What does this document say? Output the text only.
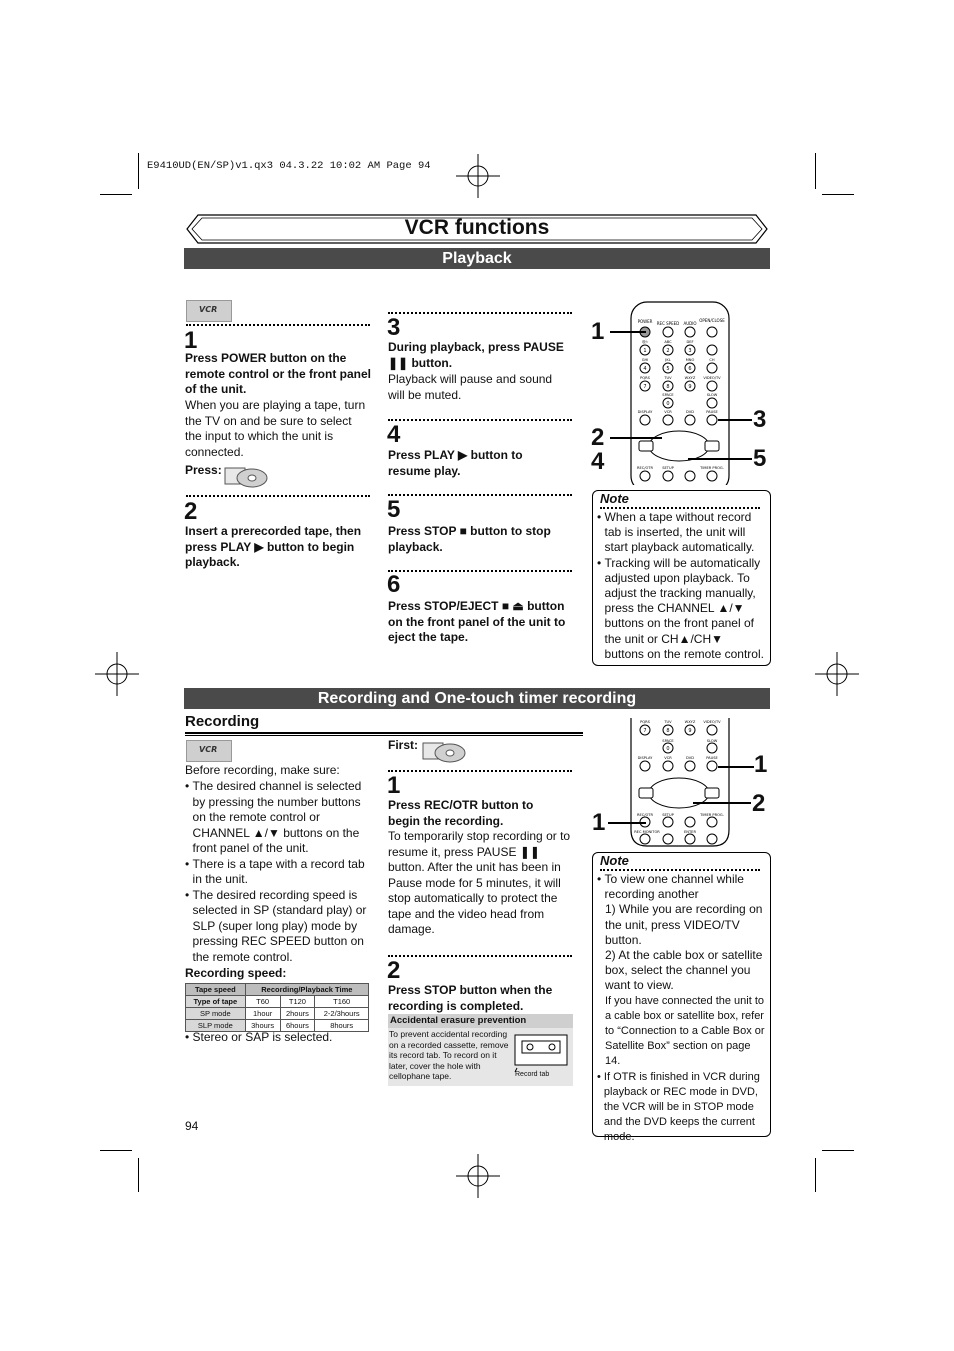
E9410UD(EN/SP)v1.qx3 04.3.22 10:02 AM Page 94
VCR functions
Playback
VCR
1
Press POWER button on the remote control or the front panel of the unit.
When you are playing a tape, turn the TV on and be sure to select the input to which the unit is connected.
Press:
2
Insert a prerecorded tape, then press PLAY ▶ button to begin playback.
3
During playback, press PAUSE ❚❚ button.
Playback will pause and sound will be muted.
4
Press PLAY ▶ button to resume play.
5
Press STOP ■ button to stop playback.
6
Press STOP/EJECT ■ ⏏ button on the front panel of the unit to eject the tape.
POWER REC SPEED AUDIO
OPEN/CLOSE
1	2	3
4	5	6
7	8	9
0
@/:	ABC	DEF
GHI	JKL	MNO	CH
PQRS	TUV	WXYZ VIDEO/TV
SPACE	SLOW
DISPLAY	VCR	DVD	PAUSE
REC/OTR	SETUP	TIMER PROG.
1
3
2
4	5
Note
• When a tape without record tab is inserted, the unit will start playback automatically.
• Tracking will be automatically adjusted upon playback. To adjust the tracking manually, press the CHANNEL ▲/▼ buttons on the front panel of the unit or CH▲/CH▼ buttons on the remote control.
Recording and One-touch timer recording
Recording
VCR
Before recording, make sure:
• The desired channel is selected by pressing the number buttons on the remote control or CHANNEL ▲/▼ buttons on the front panel of the unit.
• There is a tape with a record tab in the unit.
• The desired recording speed is selected in SP (standard play) or SLP (super long play) mode by pressing REC SPEED button on the remote control.
Recording speed:
Tape speed	Recording/Playback Time		
Type of tape	T60	T120	T160
SP mode	1hour	2hours	2-2/3hours
SLP mode	3hours	6hours	8hours
• Stereo or SAP is selected.
First:
1
Press REC/OTR button to begin the recording.
To temporarily stop recording or to resume it, press PAUSE ❚❚ button. After the unit has been in Pause mode for 5 minutes, it will stop automatically to protect the tape and the video head from damage.
2
Press STOP button when the recording is completed.
Accidental erasure prevention
To prevent accidental recording on a recorded cassette, remove its record tab. To record on it later, cover the hole with cellophane tape.	Record tab
PQRS	TUV	WXYZ VIDEO/TV
SPACE	SLOW
DISPLAY	VCR	DVD	PAUSE
REC/OTR	SETUP	TIMER PROG.
REC MONITOR	ENTER
7	8	9
0
1
2
1
Note
• To view one channel while recording another
1) While you are recording on the unit, press VIDEO/TV button.
2) At the cable box or satellite box, select the channel you want to view.
If you have connected the unit to a cable box or satellite box, refer to “Connection to a Cable Box or Satellite Box” section on page 14.
• If OTR is finished in VCR during playback or REC mode in DVD, the VCR will be in STOP mode and the DVD keeps the current mode.
94
